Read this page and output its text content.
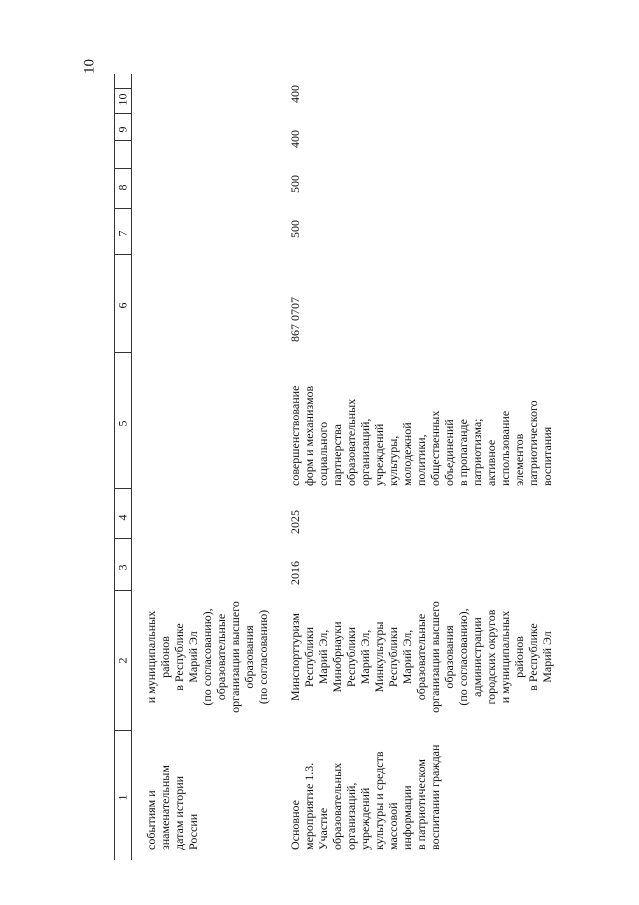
10
10
9
8
7
6
5
4
3
2
1 событиям и знаменательным датам истории России
и муниципальных районов в Республике Марий Эл (по согласованию), образовательные организации высшего образования (по согласованию)
Основное мероприятие 1.3. Участие образовательных организаций, учреждений культуры и средств массовой информации в патриотическом воспитании граждан
Минспорттуризм Республики Марий Эл, Минобрнауки Республики Марий Эл, Минкультуры Республики Марий Эл, образовательные организации высшего образования (по согласованию), администрации городских округов и муниципальных районов в Республике Марий Эл
2016
2025
совершенствование форм и механизмов социального партнерства образовательных организаций, учреждений культуры, молодежной политики, общественных объединений в пропаганде патриотизма; активное использование элементов патриотического воспитания
867 0707
500
500
400
400
